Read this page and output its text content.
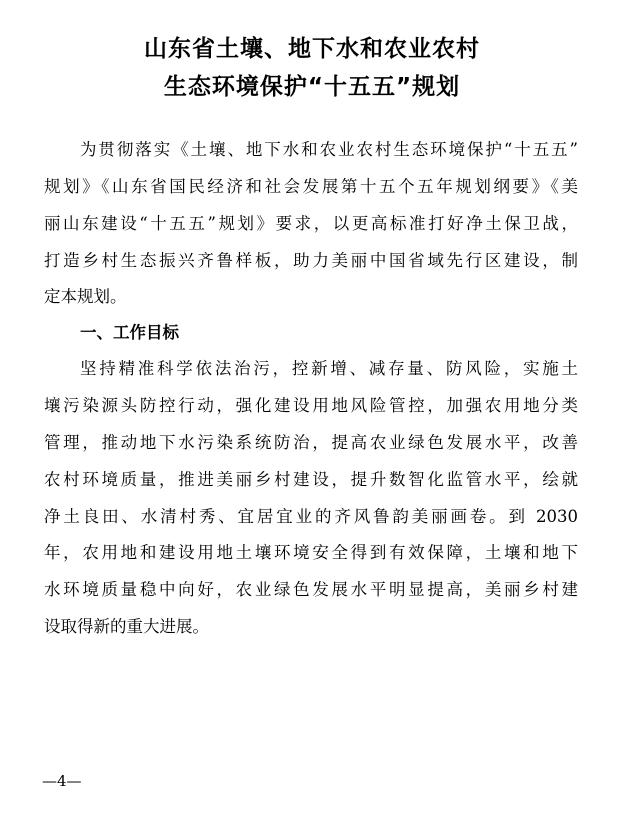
山东省土壤、地下水和农业农村
生态环境保护“十五五”规划

为贯彻落实《土壤、地下水和农业农村生态环境保护“十五五”

规划》《山东省国民经济和社会发展第十五个五年规划纲要》《美

丽山东建设“十五五”规划》要求，以更高标准打好净土保卫战，

打造乡村生态振兴齐鲁样板，助力美丽中国省域先行区建设，制

定本规划。

一、工作目标

坚持精准科学依法治污，控新增、减存量、防风险，实施土

壤污染源头防控行动，强化建设用地风险管控，加强农用地分类

管理，推动地下水污染系统防治，提高农业绿色发展水平，改善

农村环境质量，推进美丽乡村建设，提升数智化监管水平，绘就

净土良田、水清村秀、宜居宜业的齐风鲁韵美丽画卷。到 2030

年，农用地和建设用地土壤环境安全得到有效保障，土壤和地下

水环境质量稳中向好，农业绿色发展水平明显提高，美丽乡村建

设取得新的重大进展。

—4—
